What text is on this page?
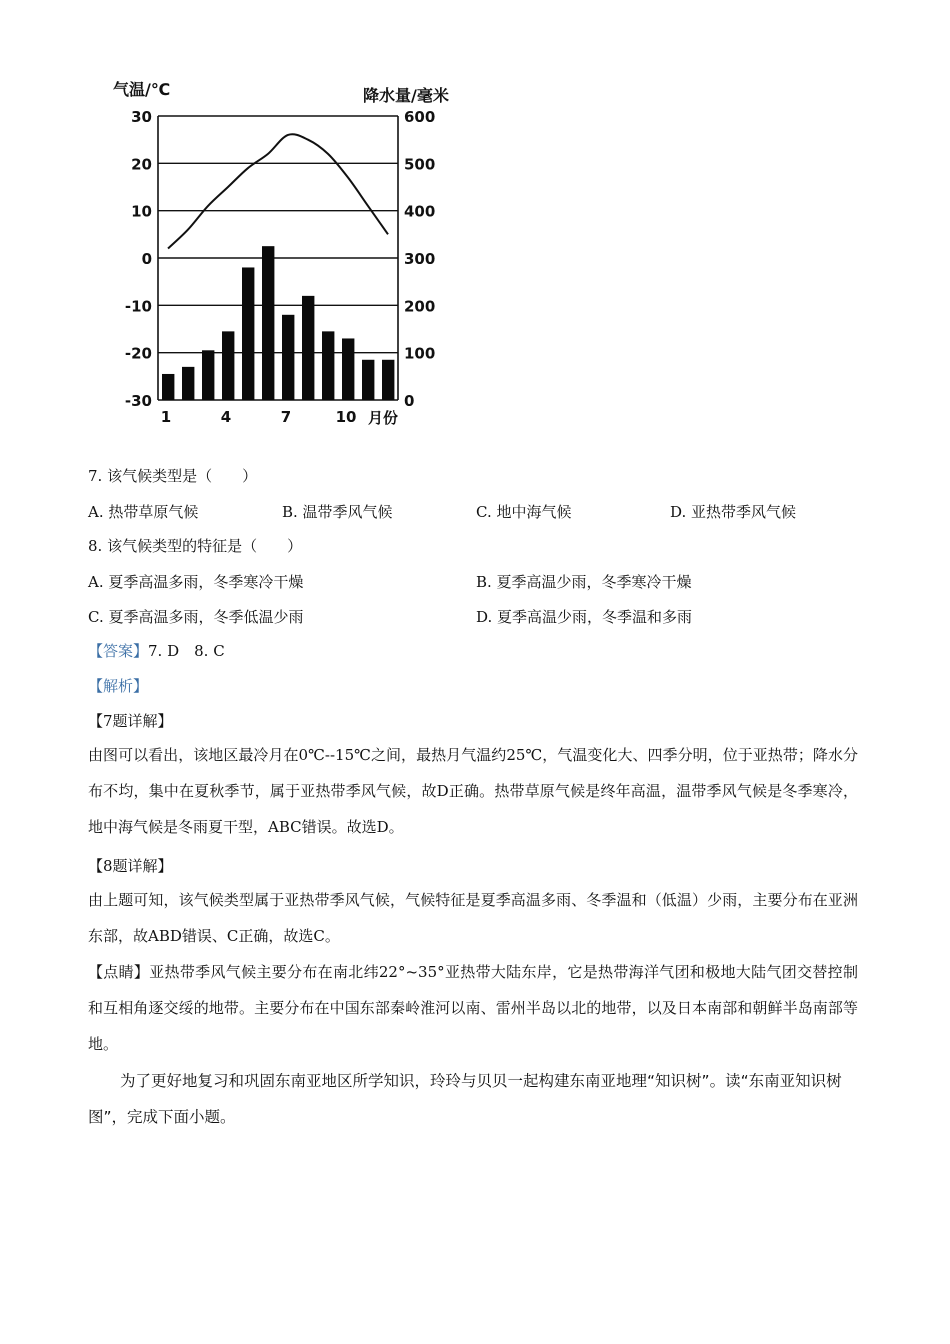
30
20
10
0
-10
-20
-30
600
500
400
300
200
100
0
1	4	7	10 月份
气温/℃	降水量/毫米
7. 该气候类型是（　　）
A. 热带草原气候	B. 温带季风气候	C. 地中海气候	D. 亚热带季风气候
8. 该气候类型的特征是（　　）
A. 夏季高温多雨，冬季寒冷干燥	B. 夏季高温少雨，冬季寒冷干燥
C. 夏季高温多雨，冬季低温少雨	D. 夏季高温少雨，冬季温和多雨
【答案】7. D　8. C
【解析】
【7题详解】
由图可以看出，该地区最冷月在0℃--15℃之间，最热月气温约25℃，气温变化大、四季分明，位于亚热带；降水分布不均，集中在夏秋季节，属于亚热带季风气候，故D正确。热带草原气候是终年高温，温带季风气候是冬季寒冷，地中海气候是冬雨夏干型，ABC错误。故选D。
【8题详解】
由上题可知，该气候类型属于亚热带季风气候，气候特征是夏季高温多雨、冬季温和（低温）少雨，主要分布在亚洲东部，故ABD错误、C正确，故选C。
【点睛】亚热带季风气候主要分布在南北纬22°~35°亚热带大陆东岸，它是热带海洋气团和极地大陆气团交替控制和互相角逐交绥的地带。主要分布在中国东部秦岭淮河以南、雷州半岛以北的地带，以及日本南部和朝鲜半岛南部等地。
为了更好地复习和巩固东南亚地区所学知识，玲玲与贝贝一起构建东南亚地理“知识树”。读“东南亚知识树图”，完成下面小题。
